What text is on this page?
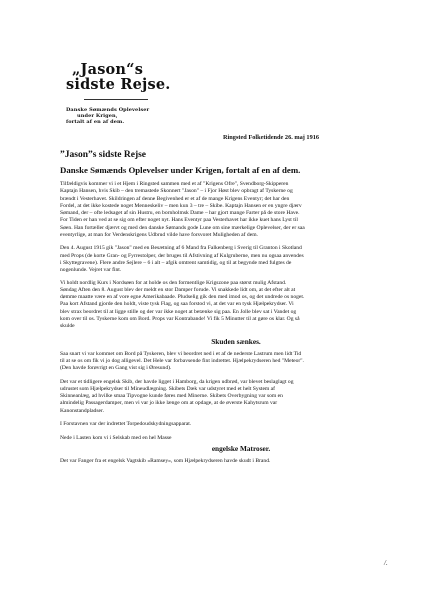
„Jason“s
sidste Rejse.
Danske Sømænds Oplevelser
under Krigen,
fortalt af en af dem.
Ringsted Folketidende 26. maj 1916
”Jason”s sidste Rejse
Danske Sømænds Oplevelser under Krigen, fortalt af en af dem.

Tilfældigvis kommer vi i et Hjem i Ringsted sammen med et af "Krigens Ofre", Svendborg-Skipperen
Kaptajn Hansen, hvis Skib – den tremastede Skonnert "Jason" – i Fjor Høst blev opbragt af Tyskerne og
brændt i Vesterhavet. Skildringen af denne Begivenhed er et af de mange Krigens Eventyr; det har den
Fordel, at det ikke kostede noget Menneskeliv – men kun 3 – tre – Skibe. Kaptajn Hansen er en yngre djærv
Sømand, der – ofte ledsaget af sin Hustru, en bornholmsk Dame – har gjort mange Farter på de store Have.
For Tiden er han ved at se sig om efter noget nyt. Hans Eventyr paa Vesterhavet har ikke kuet hans Lyst til
Søen. Han fortæller djærvt og med den danske Sømands gode Lune om sine mærkelige Oplevelser, der er saa
eventyrlige, at man for Verdenskrigens Udbrud vilde have forsvoret Muligheden af dem.

Den 4. August 1915 gik "Jason" med en Besætning af 6 Mand fra Falkenberg i Sverig til Granton i Skotland
med Props (de korte Gran- og Fyrrestolper, der bruges til Afstivning af Kulgruberne, men nu ogsaa anvendes
i Skyttegravene). Flere andre Sejlere – 6 i alt – afgik omtrent samtidig, og til at begynde med fulgtes de
nogenlunde. Vejret var fint.

Vi holdt nordlig Kurs i Nordsøen for at holde os den formentlige Krigszone paa størst mulig Afstand.
Søndag Aften den 8. August blev der meldt en stor Damper forude. Vi snakkede lidt om, at det efter alt at
dømme maatte være en af vore egne Amerikabaade. Pludselig gik den med imod os, og det undrede os noget.
Paa kort Afstand gjorde den holdt, viste tysk Flag, og saa forstod vi, at det var en tysk Hjælpekrydser. Vi
blev strax beordret til at ligge stille og der var ikke noget at betænke sig paa. En Jolle blev sat i Vandet og
kom over til os. Tyskerne kom om Bord. Props var Kontrabande! Vi fik 5 Minutter til at gøre os klar. Og så
skulde

Skuden sænkes.

Saa snart vi var kommet om Bord på Tyskeren, blev vi beordret ned i et af de nederste Lastrum men lidt Tid
til at se os om fik vi jo dog alligevel. Det Hele var forbavsende fint indrettet. Hjælpekrydseren hed "Meteor".
(Den havde forøvrigt en Gang vist sig i Øresund).

Det var et tidligere engelsk Skib, der havde ligget i Hamborg, da krigen udbrød, var blevet beslaglagt og
udrustet som Hjælpekrydser til Mineudlægning. Skibets Dæk var udstyret med et helt System af
Skinneanlæg, ad hvilke smaa Tipvogne kunde føres med Minerne. Skibets Overbygning var som en
almindelig Passagerdamper, men vi var jo ikke længe om at opdage, at de øverste Kahytsrum var
Kanonstandpladser.

I Forstavnen var der indrettet Torpedoudskydningsapparat.

Nede i Lasten kom vi i Selskab med en hel Masse

engelske Matroser.

Det var Fanger fra et engelsk Vagtskib «Ramsey», som Hjælpekrydseren havde skudt i Brand.

/.
